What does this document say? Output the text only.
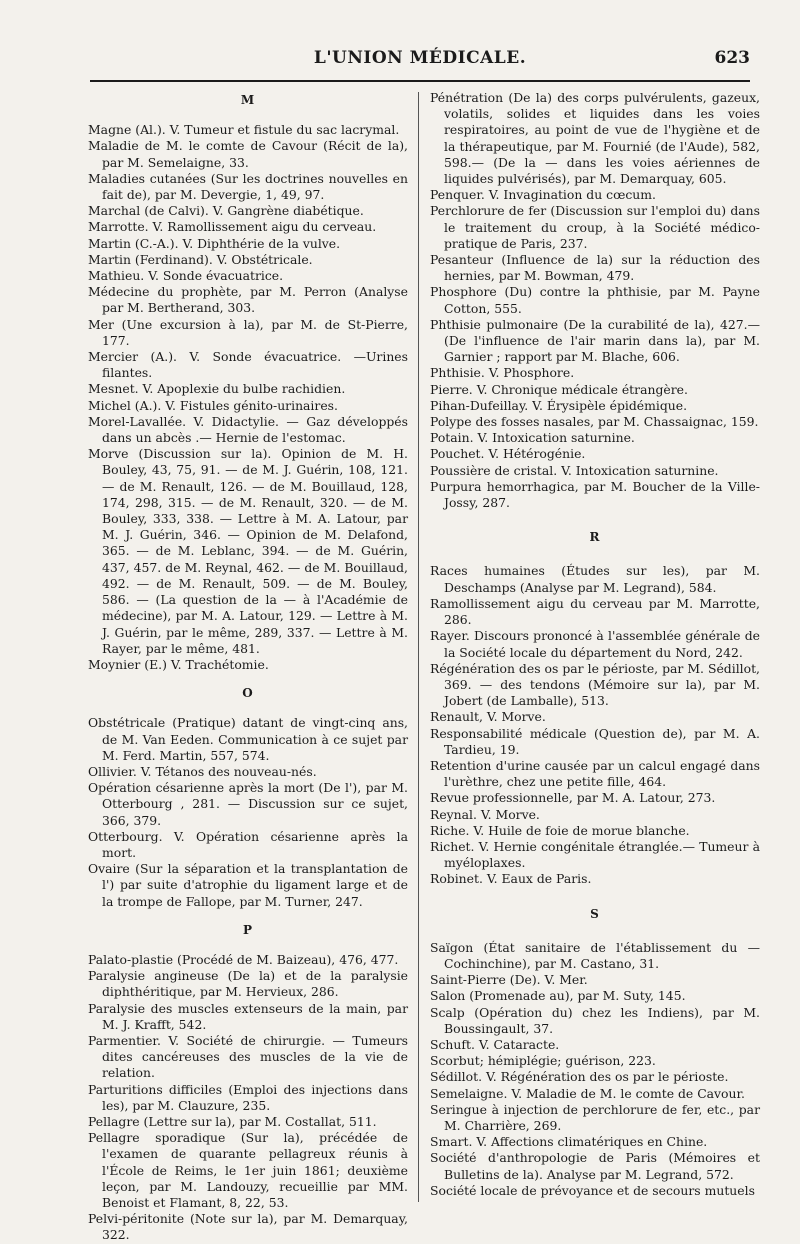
L'UNION MÉDICALE.	623
M

Magne (Al.). V. Tumeur et fistule du sac lacrymal.

Maladie de M. le comte de Cavour (Récit de la), par M. Semelaigne, 33.

Maladies cutanées (Sur les doctrines nouvelles en fait de), par M. Devergie, 1, 49, 97.

Marchal (de Calvi). V. Gangrène diabétique.

Marrotte. V. Ramollissement aigu du cerveau.

Martin (C.-A.). V. Diphthérie de la vulve.

Martin (Ferdinand). V. Obstétricale.

Mathieu. V. Sonde évacuatrice.

Médecine du prophète, par M. Perron (Analyse par M. Bertherand, 303.

Mer (Une excursion à la), par M. de St-Pierre, 177.

Mercier (A.). V. Sonde évacuatrice. —Urines filantes.

Mesnet. V. Apoplexie du bulbe rachidien.

Michel (A.). V. Fistules génito-urinaires.

Morel-Lavallée. V. Didactylie. — Gaz développés dans un abcès .— Hernie de l'estomac.

Morve (Discussion sur la). Opinion de M. H. Bouley, 43, 75, 91. — de M. J. Guérin, 108, 121. — de M. Renault, 126. — de M. Bouillaud, 128, 174, 298, 315. — de M. Renault, 320. — de M. Bouley, 333, 338. — Lettre à M. A. Latour, par M. J. Guérin, 346. — Opinion de M. Delafond, 365. — de M. Leblanc, 394. — de M. Guérin, 437, 457. de M. Reynal, 462. — de M. Bouillaud, 492. — de M. Renault, 509. — de M. Bouley, 586. — (La question de la — à l'Académie de médecine), par M. A. Latour, 129. — Lettre à M. J. Guérin, par le même, 289, 337. — Lettre à M. Rayer, par le même, 481.

Moynier (E.) V. Trachétomie.

O

Obstétricale (Pratique) datant de vingt-cinq ans, de M. Van Eeden. Communication à ce sujet par M. Ferd. Martin, 557, 574.

Ollivier. V. Tétanos des nouveau-nés.

Opération césarienne après la mort (De l'), par M. Otterbourg , 281. — Discussion sur ce sujet, 366, 379.

Otterbourg. V. Opération césarienne après la mort.

Ovaire (Sur la séparation et la transplantation de l') par suite d'atrophie du ligament large et de la trompe de Fallope, par M. Turner, 247.

P

Palato-plastie (Procédé de M. Baizeau), 476, 477.

Paralysie angineuse (De la) et de la paralysie diphthéritique, par M. Hervieux, 286.

Paralysie des muscles extenseurs de la main, par M. J. Krafft, 542.

Parmentier. V. Société de chirurgie. — Tumeurs dites cancéreuses des muscles de la vie de relation.

Parturitions difficiles (Emploi des injections dans les), par M. Clauzure, 235.

Pellagre (Lettre sur la), par M. Costallat, 511.

Pellagre sporadique (Sur la), précédée de l'examen de quarante pellagreux réunis à l'École de Reims, le 1er juin 1861; deuxième leçon, par M. Landouzy, recueillie par MM. Benoist et Flamant, 8, 22, 53.

Pelvi-péritonite (Note sur la), par M. Demarquay, 322.

Pénétration (De la) des corps pulvérulents, gazeux, volatils, solides et liquides dans les voies respiratoires, au point de vue de l'hygiène et de la thérapeutique, par M. Fournié (de l'Aude), 582, 598.— (De la — dans les voies aériennes de liquides pulvérisés), par M. Demarquay, 605.

Penquer. V. Invagination du cœcum.

Perchlorure de fer (Discussion sur l'emploi du) dans le traitement du croup, à la Société médico-pratique de Paris, 237.

Pesanteur (Influence de la) sur la réduction des hernies, par M. Bowman, 479.

Phosphore (Du) contre la phthisie, par M. Payne Cotton, 555.

Phthisie pulmonaire (De la curabilité de la), 427.— (De l'influence de l'air marin dans la), par M. Garnier ; rapport par M. Blache, 606.

Phthisie. V. Phosphore.

Pierre. V. Chronique médicale étrangère.

Pihan-Dufeillay. V. Érysipèle épidémique.

Polype des fosses nasales, par M. Chassaignac, 159.

Potain. V. Intoxication saturnine.

Pouchet. V. Hétérogénie.

Poussière de cristal. V. Intoxication saturnine.

Purpura hemorrhagica, par M. Boucher de la Ville-Jossy, 287.

R

Races humaines (Études sur les), par M. Deschamps (Analyse par M. Legrand), 584.

Ramollissement aigu du cerveau par M. Marrotte, 286.

Rayer. Discours prononcé à l'assemblée générale de la Société locale du département du Nord, 242.

Régénération des os par le périoste, par M. Sédillot, 369. — des tendons (Mémoire sur la), par M. Jobert (de Lamballe), 513.

Renault, V. Morve.

Responsabilité médicale (Question de), par M. A. Tardieu, 19.

Retention d'urine causée par un calcul engagé dans l'urèthre, chez une petite fille, 464.

Revue professionnelle, par M. A. Latour, 273.

Reynal. V. Morve.

Riche. V. Huile de foie de morue blanche.

Richet. V. Hernie congénitale étranglée.— Tumeur à myéloplaxes.

Robinet. V. Eaux de Paris.

S

Saïgon (État sanitaire de l'établissement du — Cochinchine), par M. Castano, 31.

Saint-Pierre (De). V. Mer.

Salon (Promenade au), par M. Suty, 145.

Scalp (Opération du) chez les Indiens), par M. Boussingault, 37.

Schuft. V. Cataracte.

Scorbut; hémiplégie; guérison, 223.

Sédillot. V. Régénération des os par le périoste.

Semelaigne. V. Maladie de M. le comte de Cavour.

Seringue à injection de perchlorure de fer, etc., par M. Charrière, 269.

Smart. V. Affections climatériques en Chine.

Société d'anthropologie de Paris (Mémoires et Bulletins de la). Analyse par M. Legrand, 572.

Société locale de prévoyance et de secours mutuels
